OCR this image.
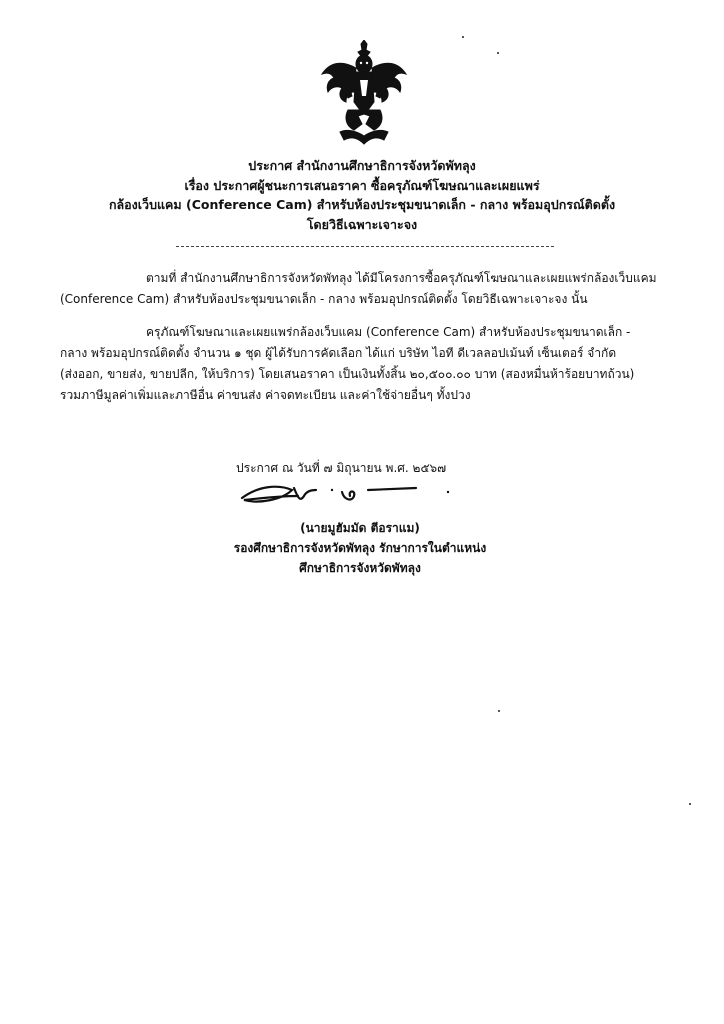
ประกาศ สำนักงานศึกษาธิการจังหวัดพัทลุง
เรื่อง ประกาศผู้ชนะการเสนอราคา ซื้อครุภัณฑ์โฆษณาและเผยแพร่
กล้องเว็บแคม (Conference Cam) สำหรับห้องประชุมขนาดเล็ก - กลาง พร้อมอุปกรณ์ติดตั้ง
โดยวิธีเฉพาะเจาะจง
ตามที่ สำนักงานศึกษาธิการจังหวัดพัทลุง ได้มีโครงการซื้อครุภัณฑ์โฆษณาและเผยแพร่กล้องเว็บแคม
(Conference Cam) สำหรับห้องประชุมขนาดเล็ก - กลาง พร้อมอุปกรณ์ติดตั้ง โดยวิธีเฉพาะเจาะจง นั้น
ครุภัณฑ์โฆษณาและเผยแพร่กล้องเว็บแคม (Conference Cam) สำหรับห้องประชุมขนาดเล็ก -
กลาง พร้อมอุปกรณ์ติดตั้ง จำนวน ๑ ชุด ผู้ได้รับการคัดเลือก ได้แก่ บริษัท ไอที ดีเวลลอปเม้นท์ เซ็นเตอร์ จำกัด
(ส่งออก, ขายส่ง, ขายปลีก, ให้บริการ) โดยเสนอราคา เป็นเงินทั้งสิ้น ๒๐,๕๐๐.๐๐ บาท (สองหมื่นห้าร้อยบาทถ้วน)
รวมภาษีมูลค่าเพิ่มและภาษีอื่น ค่าขนส่ง ค่าจดทะเบียน และค่าใช้จ่ายอื่นๆ ทั้งปวง
ประกาศ ณ วันที่ ๗ มิถุนายน พ.ศ. ๒๕๖๗
(นายมูฮัมมัด ตีอราแม)
รองศึกษาธิการจังหวัดพัทลุง รักษาการในตำแหน่ง
ศึกษาธิการจังหวัดพัทลุง
